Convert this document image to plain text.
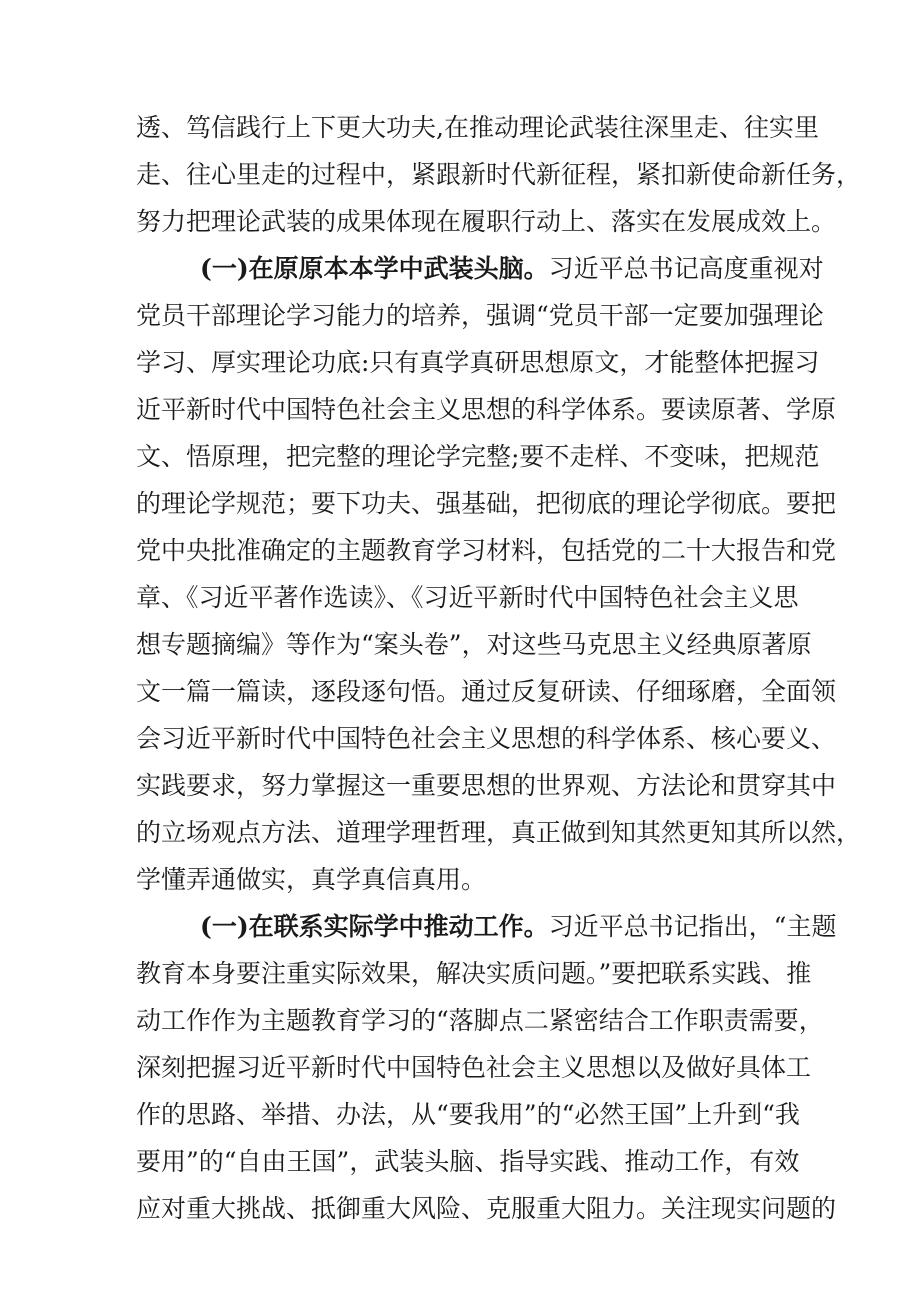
透、笃信践行上下更大功夫,在推动理论武装往深里走、往实里
走、往心里走的过程中，紧跟新时代新征程，紧扣新使命新任务，
努力把理论武装的成果体现在履职行动上、落实在发展成效上。
(一)在原原本本学中武装头脑。习近平总书记高度重视对
党员干部理论学习能力的培养，强调“党员干部一定要加强理论
学习、厚实理论功底:只有真学真研思想原文，才能整体把握习
近平新时代中国特色社会主义思想的科学体系。要读原著、学原
文、悟原理，把完整的理论学完整;要不走样、不变味，把规范
的理论学规范；要下功夫、强基础，把彻底的理论学彻底。要把
党中央批准确定的主题教育学习材料，包括党的二十大报告和党
章、《习近平著作选读》、《习近平新时代中国特色社会主义思
想专题摘编》等作为“案头卷”，对这些马克思主义经典原著原
文一篇一篇读，逐段逐句悟。通过反复研读、仔细琢磨，全面领
会习近平新时代中国特色社会主义思想的科学体系、核心要义、
实践要求，努力掌握这一重要思想的世界观、方法论和贯穿其中
的立场观点方法、道理学理哲理，真正做到知其然更知其所以然，
学懂弄通做实，真学真信真用。
(一)在联系实际学中推动工作。习近平总书记指出，“主题
教育本身要注重实际效果，解决实质问题。”要把联系实践、推
动工作作为主题教育学习的“落脚点二紧密结合工作职责需要，
深刻把握习近平新时代中国特色社会主义思想以及做好具体工
作的思路、举措、办法，从“要我用”的“必然王国”上升到“我
要用”的“自由王国”，武装头脑、指导实践、推动工作，有效
应对重大挑战、抵御重大风险、克服重大阻力。关注现实问题的
